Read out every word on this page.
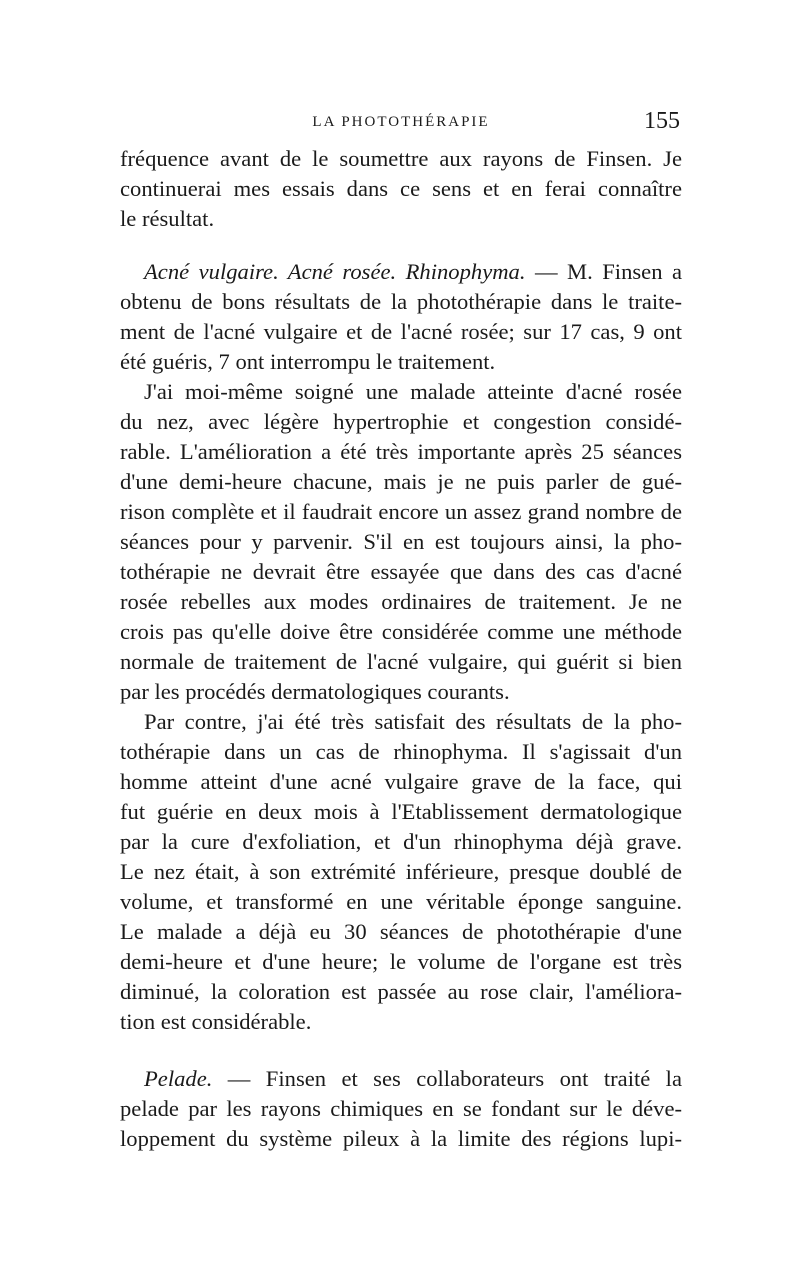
LA PHOTOTHÉRAPIE	155

fréquence avant de le soumettre aux rayons de Finsen. Je
continuerai mes essais dans ce sens et en ferai connaître
le résultat.

Acné vulgaire. Acné rosée. Rhinophyma. — M. Finsen a
obtenu de bons résultats de la photothérapie dans le traite-
ment de l'acné vulgaire et de l'acné rosée; sur 17 cas, 9 ont
été guéris, 7 ont interrompu le traitement.

J'ai moi-même soigné une malade atteinte d'acné rosée
du nez, avec légère hypertrophie et congestion considé-
rable. L'amélioration a été très importante après 25 séances
d'une demi-heure chacune, mais je ne puis parler de gué-
rison complète et il faudrait encore un assez grand nombre de
séances pour y parvenir. S'il en est toujours ainsi, la pho-
tothérapie ne devrait être essayée que dans des cas d'acné
rosée rebelles aux modes ordinaires de traitement. Je ne
crois pas qu'elle doive être considérée comme une méthode
normale de traitement de l'acné vulgaire, qui guérit si bien
par les procédés dermatologiques courants.

Par contre, j'ai été très satisfait des résultats de la pho-
tothérapie dans un cas de rhinophyma. Il s'agissait d'un
homme atteint d'une acné vulgaire grave de la face, qui
fut guérie en deux mois à l'Etablissement dermatologique
par la cure d'exfoliation, et d'un rhinophyma déjà grave.
Le nez était, à son extrémité inférieure, presque doublé de
volume, et transformé en une véritable éponge sanguine.
Le malade a déjà eu 30 séances de photothérapie d'une
demi-heure et d'une heure; le volume de l'organe est très
diminué, la coloration est passée au rose clair, l'améliora-
tion est considérable.

Pelade. — Finsen et ses collaborateurs ont traité la
pelade par les rayons chimiques en se fondant sur le déve-
loppement du système pileux à la limite des régions lupi-
